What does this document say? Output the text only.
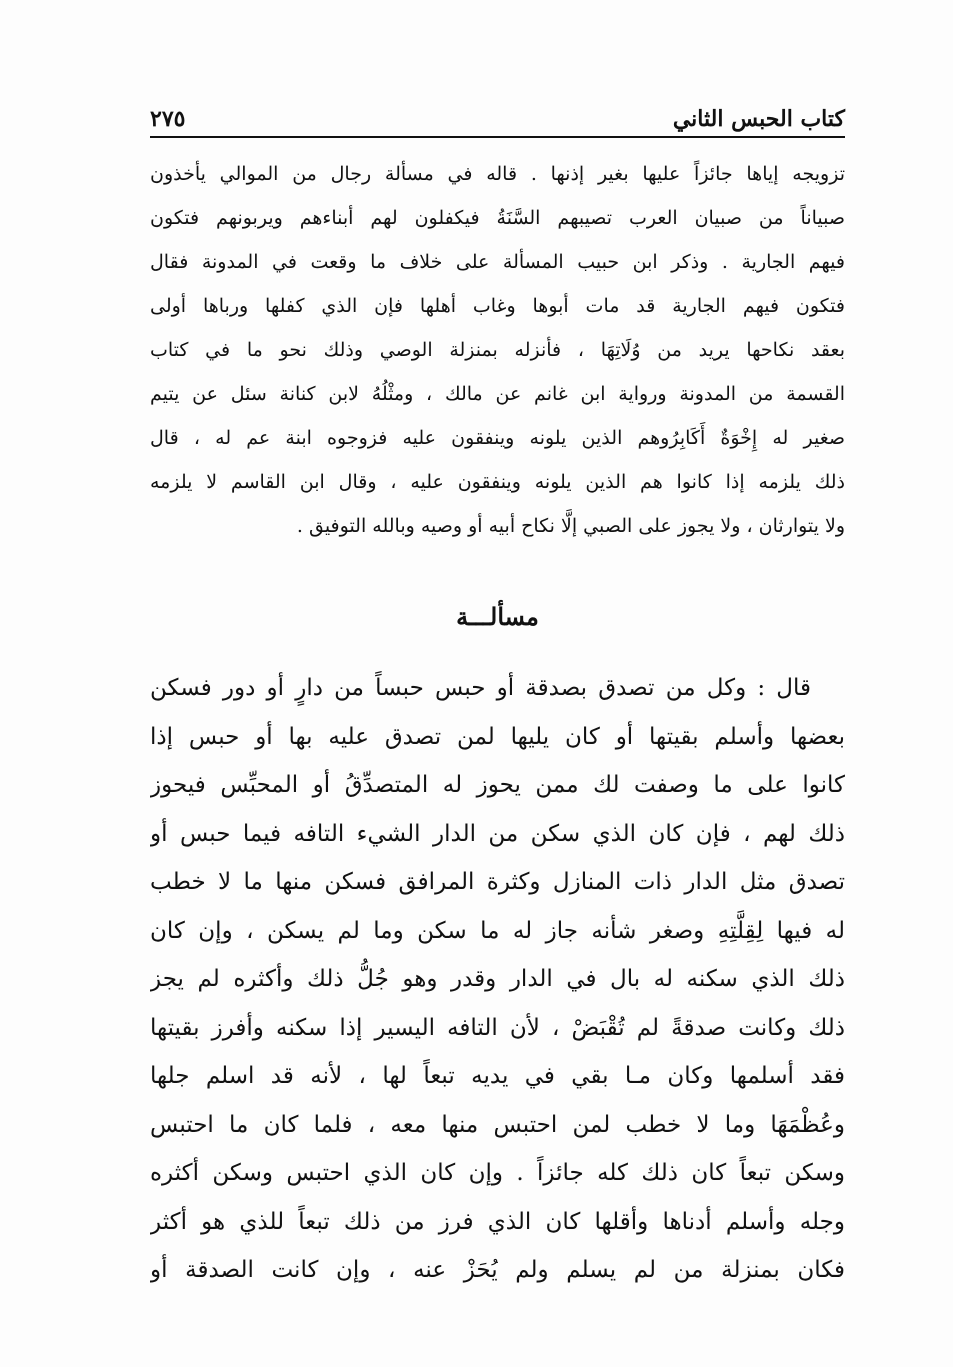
كتاب الحبس الثاني
٢٧٥
تزويجه إياها جائزاً عليها بغير إذنها . قاله في مسألة رجال من الموالي يأخذون
صبياناً من صبيان العرب تصيبهم السَّنَةُ فيكفلون لهم أبناءهم ويربونهم فتكون
فيهم الجارية . وذكر ابن حبيب المسألة على خلاف ما وقعت في المدونة فقال
فتكون فيهم الجارية قد مات أبوها وغاب أهلها فإن الذي كفلها ورباها أولى
بعقد نكاحها يريد من وُلَاتِهَا ، فأنزله بمنزلة الوصي وذلك نحو ما في كتاب
القسمة من المدونة ورواية ابن غانم عن مالك ، ومثْلُهُ لابن كنانة سئل عن يتيم
صغير له إِخْوَةٌ أَكَابِرُوهم الذين يلونه وينفقون عليه فزوجوه ابنة عم له ، قال
ذلك يلزمه إذا كانوا هم الذين يلونه وينفقون عليه ، وقال ابن القاسم لا يلزمه
ولا يتوارثان ، ولا يجوز على الصبي إلَّا نكاح أبيه أو وصيه وبالله التوفيق .
مسألـــة
قال : وكل من تصدق بصدقة أو حبس حبساً من دارٍ أو دور فسكن
بعضها وأسلم بقيتها أو كان يليها لمن تصدق عليه بها أو حبس إذا
كانوا على ما وصفت لك ممن يحوز له المتصدِّقُ أو المحبِّس فيحوز
ذلك لهم ، فإن كان الذي سكن من الدار الشيء التافه فيما حبس أو
تصدق مثل الدار ذات المنازل وكثرة المرافق فسكن منها ما لا خطب
له فيها لِقِلَّتِهِ وصغر شأنه جاز له ما سكن وما لم يسكن ، وإن كان
ذلك الذي سكنه له بال في الدار وقدر وهو جُلُّ ذلك وأكثره لم يجز
ذلك وكانت صدقةً لم تُقْبَضْ ، لأن التافه اليسير إذا سكنه وأفرز بقيتها
فقد أسلمها وكان مـا بقي في يديه تبعاً لها ، لأنه قد اسلم جلها
وعُظْمَهَا وما لا خطب لمن احتبس منها معه ، فلما كان ما احتبس
وسكن تبعاً كان ذلك كله جائزاً . وإن كان الذي احتبس وسكن أكثره
وجله وأسلم أدناها وأقلها كان الذي فرز من ذلك تبعاً للذي هو أكثر
فكان بمنزلة من لم يسلم ولم يُحَزْ عنه ، وإن كانت الصدقة أو
